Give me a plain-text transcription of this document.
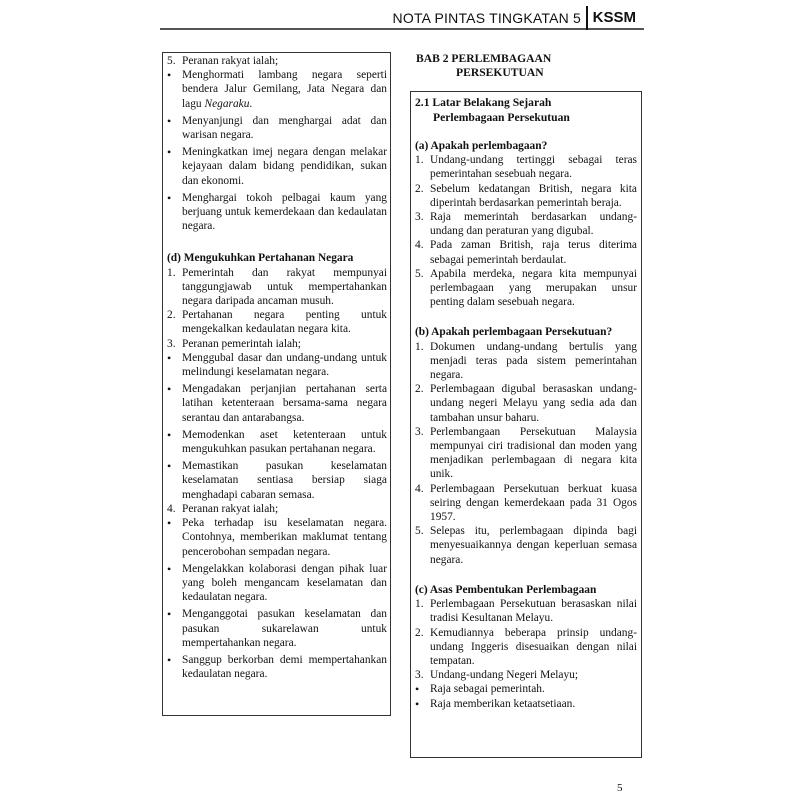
NOTA PINTAS TINGKATAN 5 KSSM
5. Peranan rakyat ialah;
• Menghormati lambang negara seperti bendera Jalur Gemilang, Jata Negara dan lagu Negaraku.
• Menyanjungi dan menghargai adat dan warisan negara.
• Meningkatkan imej negara dengan melakar kejayaan dalam bidang pendidikan, sukan dan ekonomi.
• Menghargai tokoh pelbagai kaum yang berjuang untuk kemerdekaan dan kedaulatan negara.
(d) Mengukuhkan Pertahanan Negara
1. Pemerintah dan rakyat mempunyai tanggungjawab untuk mempertahankan negara daripada ancaman musuh.
2. Pertahanan negara penting untuk mengekalkan kedaulatan negara kita.
3. Peranan pemerintah ialah;
• Menggubal dasar dan undang-undang untuk melindungi keselamatan negara.
• Mengadakan perjanjian pertahanan serta latihan ketenteraan bersama-sama negara serantau dan antarabangsa.
• Memodenkan aset ketenteraan untuk mengukuhkan pasukan pertahanan negara.
• Memastikan pasukan keselamatan keselamatan sentiasa bersiap siaga menghadapi cabaran semasa.
4. Peranan rakyat ialah;
• Peka terhadap isu keselamatan negara. Contohnya, memberikan maklumat tentang pencerobohan sempadan negara.
• Mengelakkan kolaborasi dengan pihak luar yang boleh mengancam keselamatan dan kedaulatan negara.
• Menganggotai pasukan keselamatan dan pasukan sukarelawan untuk mempertahankan negara.
• Sanggup berkorban demi mempertahankan kedaulatan negara.
BAB 2 PERLEMBAGAAN
PERSEKUTUAN
2.1 Latar Belakang Sejarah
Perlembagaan Persekutuan
(a) Apakah perlembagaan?
1. Undang-undang tertinggi sebagai teras pemerintahan sesebuah negara.
2. Sebelum kedatangan British, negara kita diperintah berdasarkan pemerintah beraja.
3. Raja memerintah berdasarkan undang-undang dan peraturan yang digubal.
4. Pada zaman British, raja terus diterima sebagai pemerintah berdaulat.
5. Apabila merdeka, negara kita mempunyai perlembagaan yang merupakan unsur penting dalam sesebuah negara.
(b) Apakah perlembagaan Persekutuan?
1. Dokumen undang-undang bertulis yang menjadi teras pada sistem pemerintahan negara.
2. Perlembagaan digubal berasaskan undang-undang negeri Melayu yang sedia ada dan tambahan unsur baharu.
3. Perlembangaan Persekutuan Malaysia mempunyai ciri tradisional dan moden yang menjadikan perlembagaan di negara kita unik.
4. Perlembagaan Persekutuan berkuat kuasa seiring dengan kemerdekaan pada 31 Ogos 1957.
5. Selepas itu, perlembagaan dipinda bagi menyesuaikannya dengan keperluan semasa negara.
(c) Asas Pembentukan Perlembagaan
1. Perlembagaan Persekutuan berasaskan nilai tradisi Kesultanan Melayu.
2. Kemudiannya beberapa prinsip undang-undang Inggeris disesuaikan dengan nilai tempatan.
3. Undang-undang Negeri Melayu;
• Raja sebagai pemerintah.
• Raja memberikan ketaatsetiaan.
5
